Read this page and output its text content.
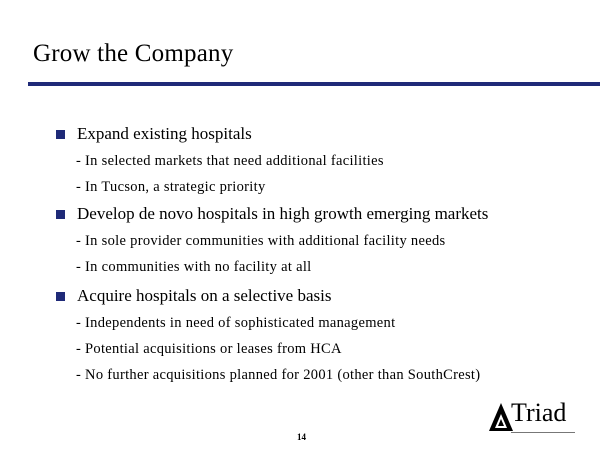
Grow the Company
Expand existing hospitals
- In selected markets that need additional facilities
- In Tucson, a strategic priority
Develop de novo hospitals in high growth emerging markets
- In sole provider communities with additional facility needs
- In communities with no facility at all
Acquire hospitals on a selective basis
- Independents in need of sophisticated management
- Potential acquisitions or leases from HCA
- No further acquisitions planned for 2001 (other than SouthCrest)
Triad
14
